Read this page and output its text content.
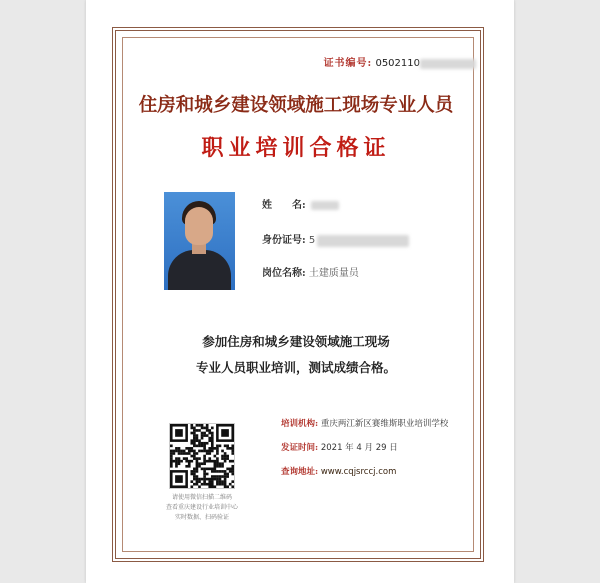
证书编号: 0502110
住房和城乡建设领域施工现场专业人员
职业培训合格证
姓　　名:
身份证号: 5
岗位名称: 土建质量员
参加住房和城乡建设领域施工现场
专业人员职业培训，测试成绩合格。
请使用微信扫描二维码
查看重庆建设行业培训中心
实时数据、扫码验证
培训机构: 重庆两江新区赛维斯职业培训学校
发证时间: 2021 年 4 月 29 日
查询地址: www.cqjsrccj.com
